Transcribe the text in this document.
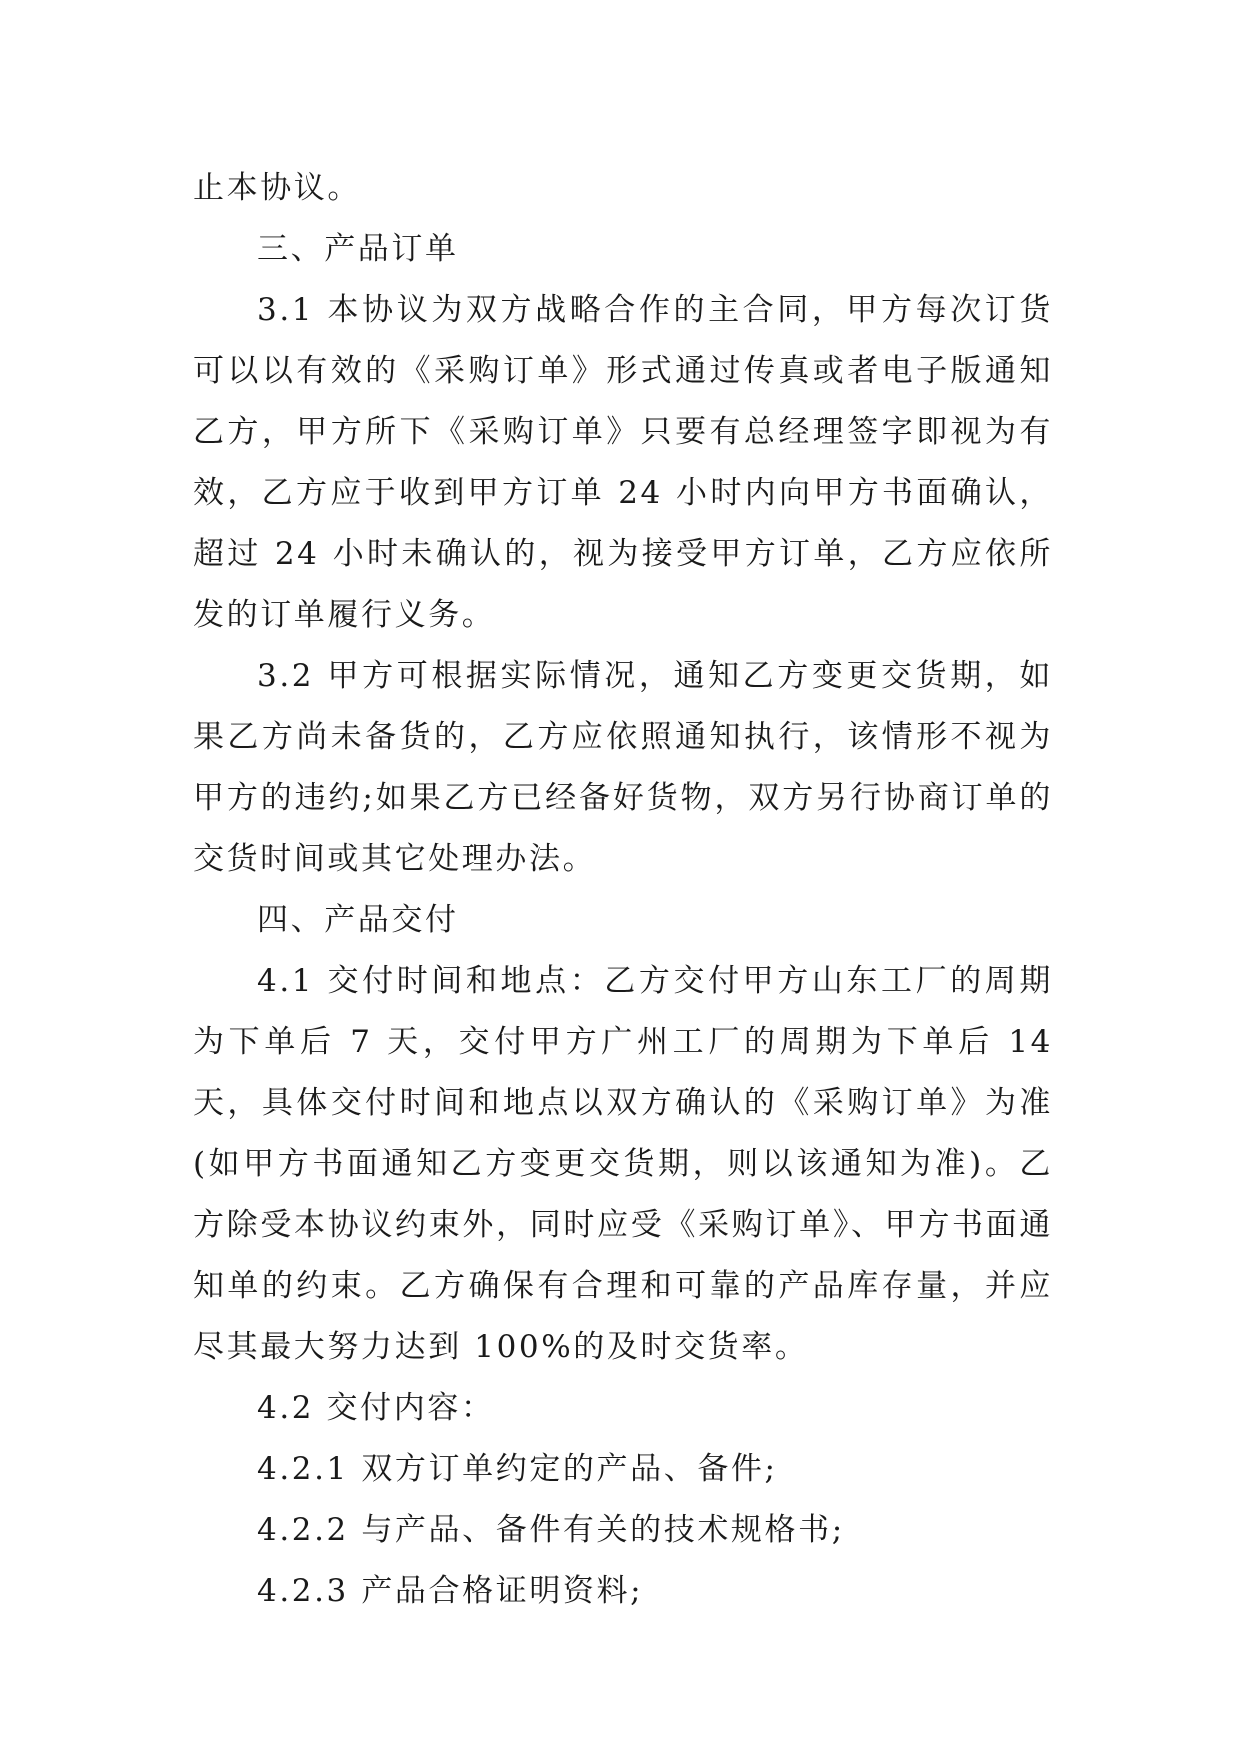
止本协议。

三、产品订单

3.1 本协议为双方战略合作的主合同，甲方每次订货可以以有效的《采购订单》形式通过传真或者电子版通知乙方，甲方所下《采购订单》只要有总经理签字即视为有效，乙方应于收到甲方订单 24 小时内向甲方书面确认，超过 24 小时未确认的，视为接受甲方订单，乙方应依所发的订单履行义务。

3.2 甲方可根据实际情况，通知乙方变更交货期，如果乙方尚未备货的，乙方应依照通知执行，该情形不视为甲方的违约;如果乙方已经备好货物，双方另行协商订单的交货时间或其它处理办法。

四、产品交付

4.1 交付时间和地点：乙方交付甲方山东工厂的周期为下单后 7 天，交付甲方广州工厂的周期为下单后 14 天，具体交付时间和地点以双方确认的《采购订单》为准(如甲方书面通知乙方变更交货期，则以该通知为准)。乙方除受本协议约束外，同时应受《采购订单》、甲方书面通知单的约束。乙方确保有合理和可靠的产品库存量，并应尽其最大努力达到 100%的及时交货率。

4.2 交付内容：

4.2.1 双方订单约定的产品、备件;

4.2.2 与产品、备件有关的技术规格书;

4.2.3 产品合格证明资料;
